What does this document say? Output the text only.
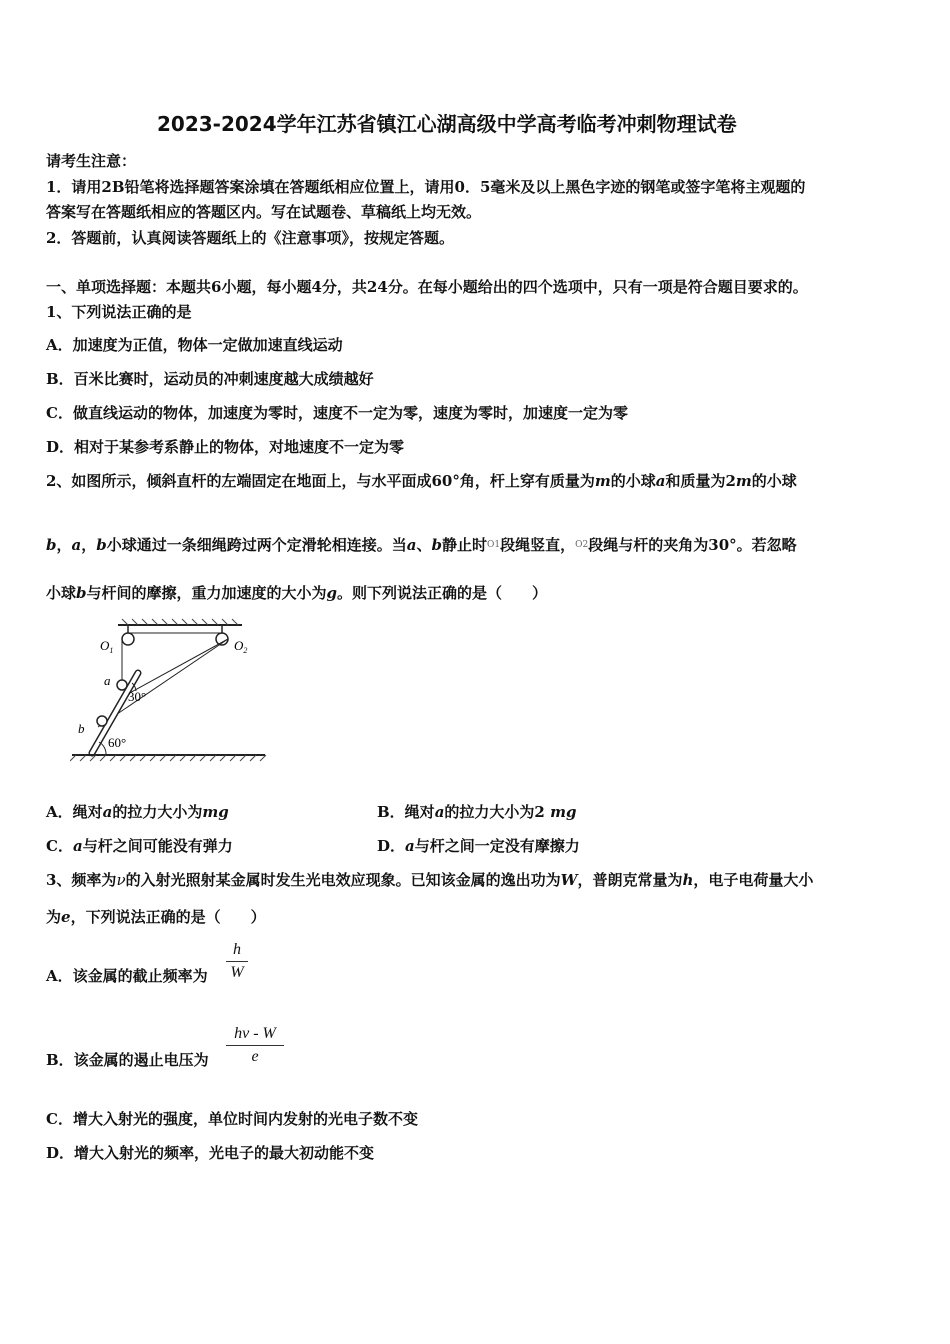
2023-2024学年江苏省镇江心湖高级中学高考临考冲刺物理试卷
请考生注意：
1．请用2B铅笔将选择题答案涂填在答题纸相应位置上，请用0．5毫米及以上黑色字迹的钢笔或签字笔将主观题的
答案写在答题纸相应的答题区内。写在试题卷、草稿纸上均无效。
2．答题前，认真阅读答题纸上的《注意事项》，按规定答题。
一、单项选择题：本题共6小题，每小题4分，共24分。在每小题给出的四个选项中，只有一项是符合题目要求的。
1、下列说法正确的是
A．加速度为正值，物体一定做加速直线运动
B．百米比赛时，运动员的冲刺速度越大成绩越好
C．做直线运动的物体，加速度为零时，速度不一定为零，速度为零时，加速度一定为零
D．相对于某参考系静止的物体，对地速度不一定为零
2、如图所示，倾斜直杆的左端固定在地面上，与水平面成60°角，杆上穿有质量为m的小球a和质量为2m的小球
b，a，b小球通过一条细绳跨过两个定滑轮相连接。当a、b静止时$^{O1}$段绳竖直，$^{O2}$段绳与杆的夹角为30°。若忽略
小球b与杆间的摩擦，重力加速度的大小为g。则下列说法正确的是（　　）
$O_1$	$O_2$
a
b
30°
60°
A．绳对a的拉力大小为mg	B．绳对a的拉力大小为2 mg
C．a与杆之间可能没有弹力	D．a与杆之间一定没有摩擦力
3、频率为ν的入射光照射某金属时发生光电效应现象。已知该金属的逸出功为W，普朗克常量为h，电子电荷量大小
为e，下列说法正确的是（　　）
A．该金属的截止频率为
h
W
B．该金属的遏止电压为
hν - W
e
C．增大入射光的强度，单位时间内发射的光电子数不变
D．增大入射光的频率，光电子的最大初动能不变
